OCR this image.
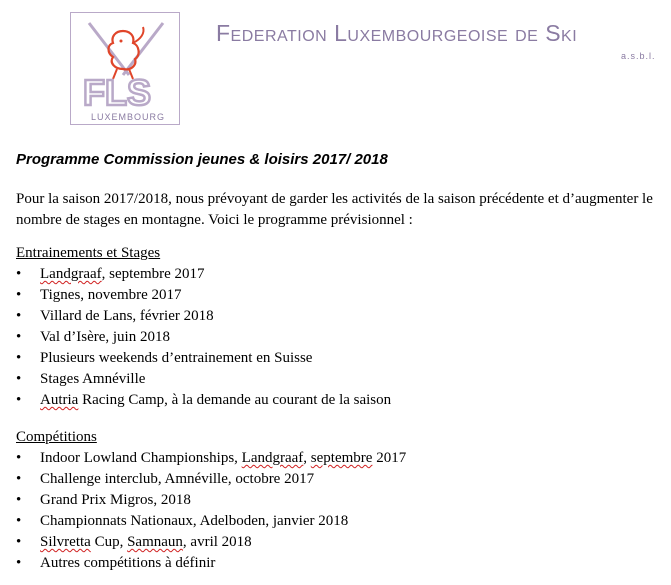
FLS
LUXEMBOURG
Federation Luxembourgeoise de Ski
a.s.b.l.
Programme Commission jeunes & loisirs 2017/ 2018
Pour la saison 2017/2018, nous prévoyant de garder les activités de la saison précédente et d’augmenter le nombre de stages en montagne. Voici le programme prévisionnel :
Entrainements et Stages
• Landgraaf, septembre 2017
• Tignes, novembre 2017
• Villard de Lans, février 2018
• Val d’Isère, juin 2018
• Plusieurs weekends d’entrainement en Suisse
• Stages Amnéville
• Autria Racing Camp, à la demande au courant de la saison
Compétitions
• Indoor Lowland Championships, Landgraaf, septembre 2017
• Challenge interclub, Amnéville, octobre 2017
• Grand Prix Migros, 2018
• Championnats Nationaux, Adelboden, janvier 2018
• Silvretta Cup, Samnaun, avril 2018
• Autres compétitions à définir
